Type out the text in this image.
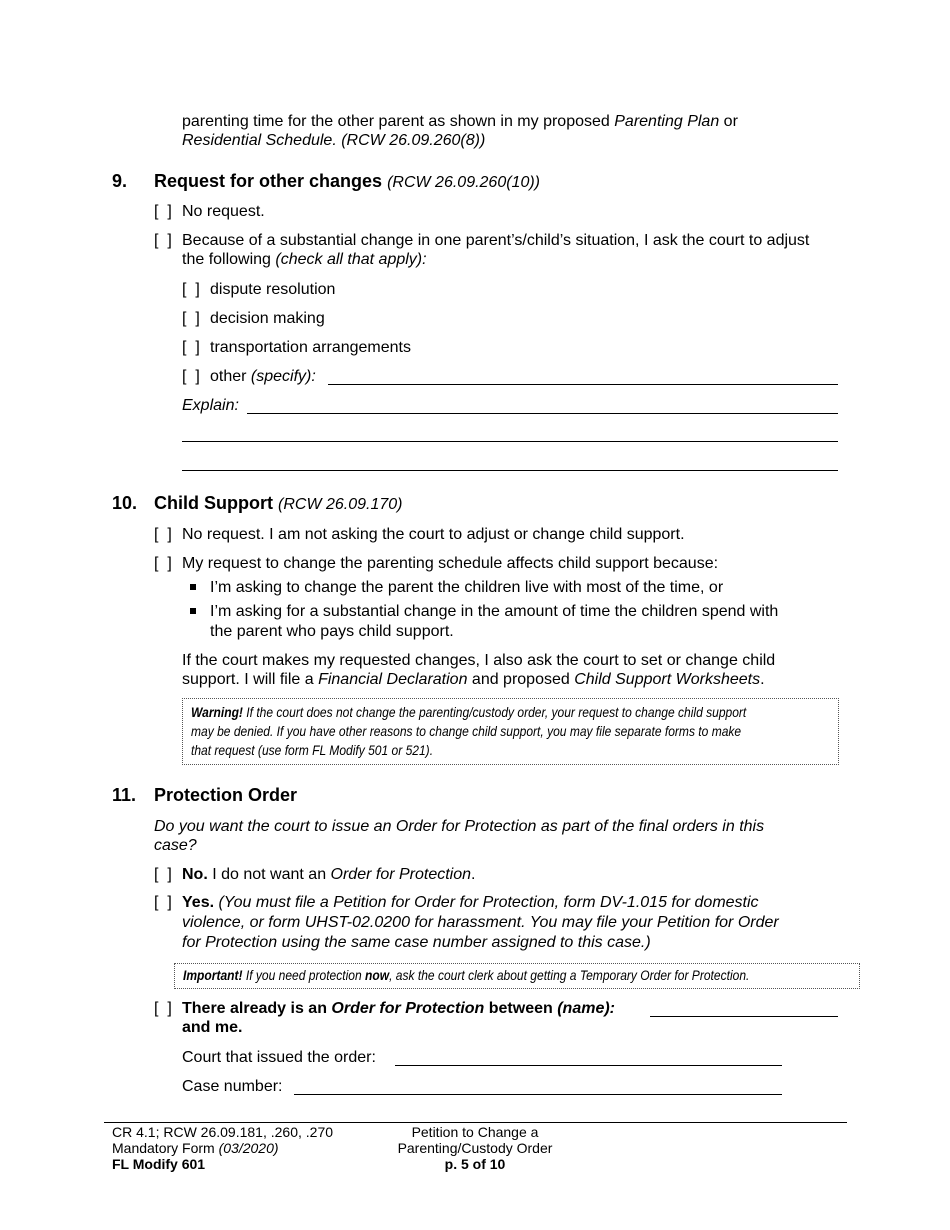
parenting time for the other parent as shown in my proposed Parenting Plan or
Residential Schedule. (RCW 26.09.260(8))
9. Request for other changes (RCW 26.09.260(10))
[  ] No request.
[  ] Because of a substantial change in one parent’s/child’s situation, I ask the court to adjust
the following (check all that apply):
[  ] dispute resolution
[  ] decision making
[  ] transportation arrangements
[  ] other (specify):
Explain:
10. Child Support (RCW 26.09.170)
[  ] No request. I am not asking the court to adjust or change child support.
[  ] My request to change the parenting schedule affects child support because:
I’m asking to change the parent the children live with most of the time, or
I’m asking for a substantial change in the amount of time the children spend with
the parent who pays child support.
If the court makes my requested changes, I also ask the court to set or change child
support. I will file a Financial Declaration and proposed Child Support Worksheets.
Warning! If the court does not change the parenting/custody order, your request to change child support
may be denied. If you have other reasons to change child support, you may file separate forms to make
that request (use form FL Modify 501 or 521).
11. Protection Order
Do you want the court to issue an Order for Protection as part of the final orders in this
case?
[  ] No. I do not want an Order for Protection.
[  ] Yes. (You must file a Petition for Order for Protection, form DV-1.015 for domestic
violence, or form UHST-02.0200 for harassment. You may file your Petition for Order
for Protection using the same case number assigned to this case.)
Important! If you need protection now, ask the court clerk about getting a Temporary Order for Protection.
[  ] There already is an Order for Protection between (name):
and me.
Court that issued the order:
Case number:
CR 4.1; RCW 26.09.181, .260, .270
Mandatory Form (03/2020)
FL Modify 601
Petition to Change a
Parenting/Custody Order
p. 5 of 10
